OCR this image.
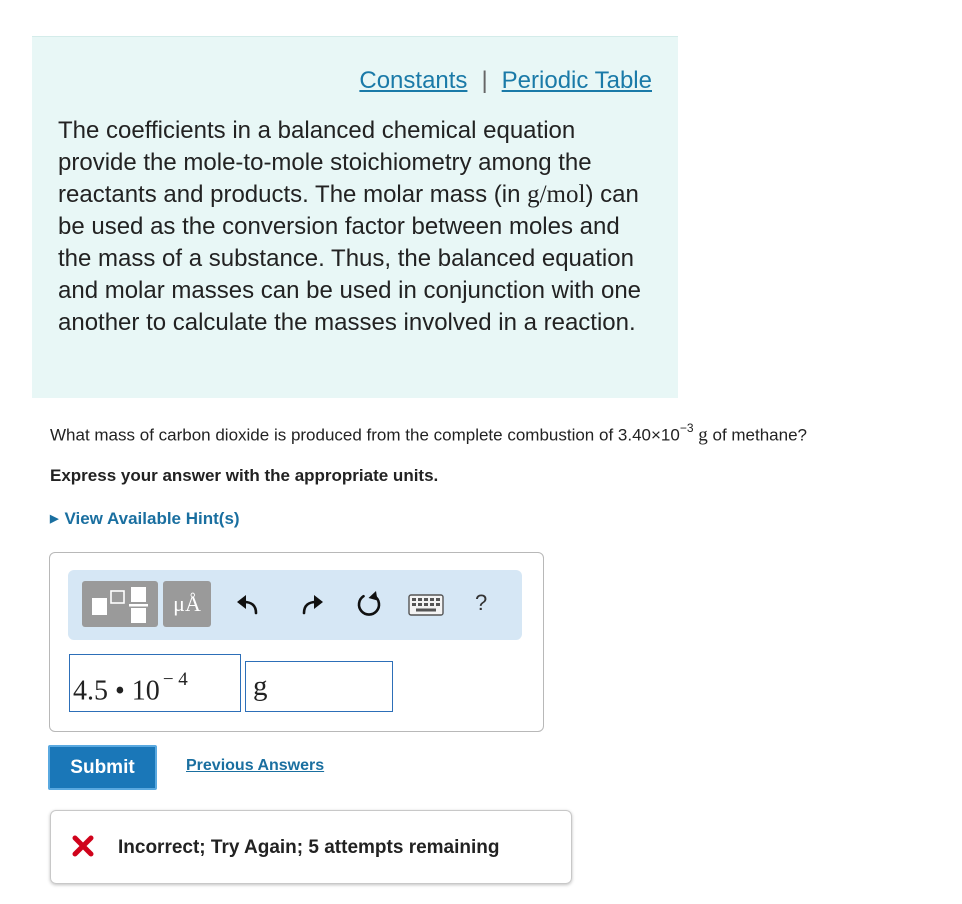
Constants | Periodic Table
The coefficients in a balanced chemical equation provide the mole-to-mole stoichiometry among the reactants and products. The molar mass (in g/mol) can be used as the conversion factor between moles and the mass of a substance. Thus, the balanced equation and molar masses can be used in conjunction with one another to calculate the masses involved in a reaction.
What mass of carbon dioxide is produced from the complete combustion of $3.40\times 10^{-3}$ g of methane?
Express your answer with the appropriate units.
▶ View Available Hint(s)
μÅ	?
4.5 • 10 $^{- 4}$	g
Submit	Previous Answers
Incorrect; Try Again; 5 attempts remaining
